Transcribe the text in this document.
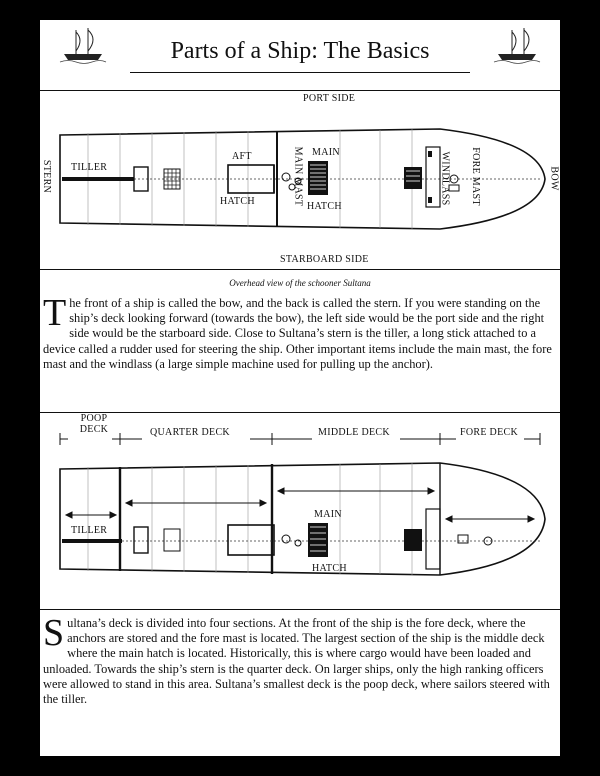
Parts of a Ship: The Basics
PORT SIDE
STARBOARD SIDE
STERN	BOW
TILLER
AFT
HATCH	MAIN MAST MAIN
HATCH
WINDLASS FORE MAST
Overhead view of the schooner Sultana
The front of a ship is called the bow, and the back is called the stern. If you were standing on the ship’s deck looking forward (towards the bow), the left side would be the port side and the right side would be the starboard side. Close to Sultana’s stern is the tiller, a long stick attached to a device called a rudder used for steering the ship. Other important items include the main mast, the fore mast and the windlass (a large simple machine used for pulling up the anchor).
POOP DECK	QUARTER DECK	MIDDLE DECK	FORE DECK
TILLER
MAIN
HATCH
Sultana’s deck is divided into four sections. At the front of the ship is the fore deck, where the anchors are stored and the fore mast is located. The largest section of the ship is the middle deck where the main hatch is located. Historically, this is where cargo would have been loaded and unloaded. Towards the ship’s stern is the quarter deck. On larger ships, only the high ranking officers were allowed to stand in this area. Sultana’s smallest deck is the poop deck, where sailors steered with the tiller.
